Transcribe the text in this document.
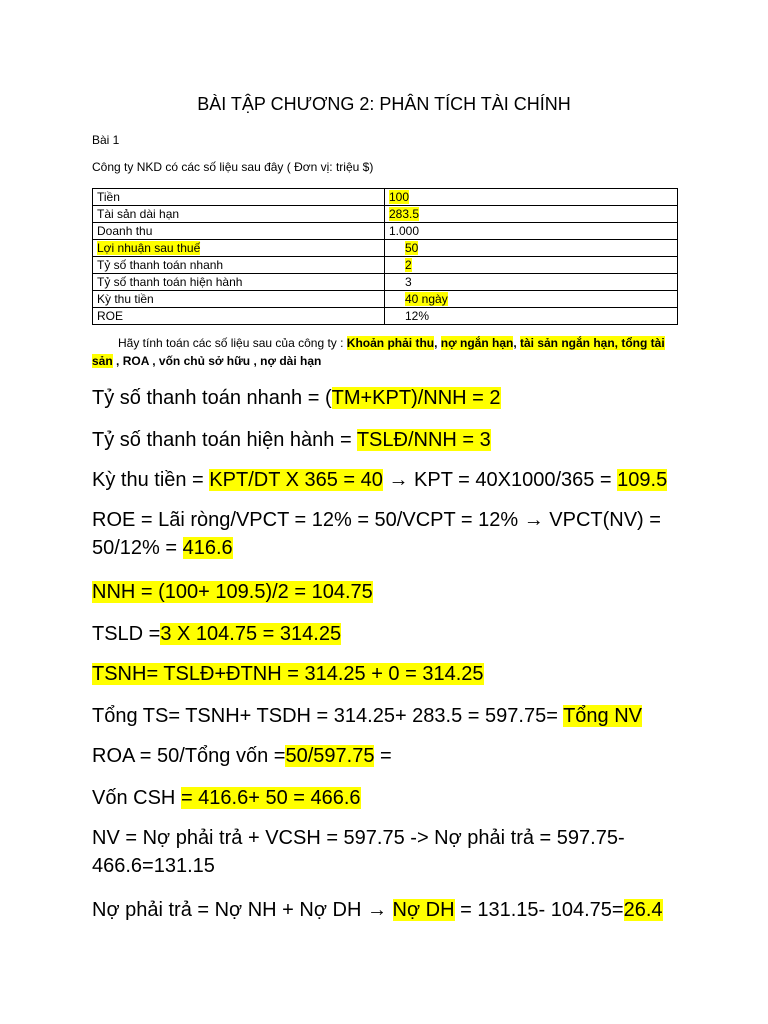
BÀI TẬP CHƯƠNG 2: PHÂN TÍCH TÀI CHÍNH
Bài 1
Công ty NKD có các số liệu sau đây ( Đơn vị: triệu $)
Tiền	100
Tài sản dài hạn	283.5
Doanh thu	1.000
Lợi nhuận sau thuế	50
Tỷ số thanh toán nhanh	2
Tỷ số thanh toán hiện hành	3
Kỳ thu tiền	40 ngày
ROE	12%
Hãy tính toán các số liệu sau của công ty : Khoản phải thu, nợ ngắn hạn, tài sản ngắn hạn, tổng tài sản , ROA , vốn chủ sở hữu , nợ dài hạn
Tỷ số thanh toán nhanh = (TM+KPT)/NNH = 2
Tỷ số thanh toán hiện hành = TSLĐ/NNH = 3
Kỳ thu tiền = KPT/DT X 365 = 40 → KPT = 40X1000/365 = 109.5
ROE = Lãi ròng/VPCT = 12% = 50/VCPT = 12% → VPCT(NV) = 50/12% = 416.6
NNH = (100+ 109.5)/2 = 104.75
TSLD =3 X 104.75 = 314.25
TSNH= TSLĐ+ĐTNH = 314.25 + 0 = 314.25
Tổng TS= TSNH+ TSDH = 314.25+ 283.5 = 597.75= Tổng NV
ROA = 50/Tổng vốn =50/597.75 =
Vốn CSH = 416.6+ 50 = 466.6
NV = Nợ phải trả + VCSH = 597.75 -> Nợ phải trả = 597.75-466.6=131.15
Nợ phải trả = Nợ NH + Nợ DH → Nợ DH = 131.15- 104.75=26.4
